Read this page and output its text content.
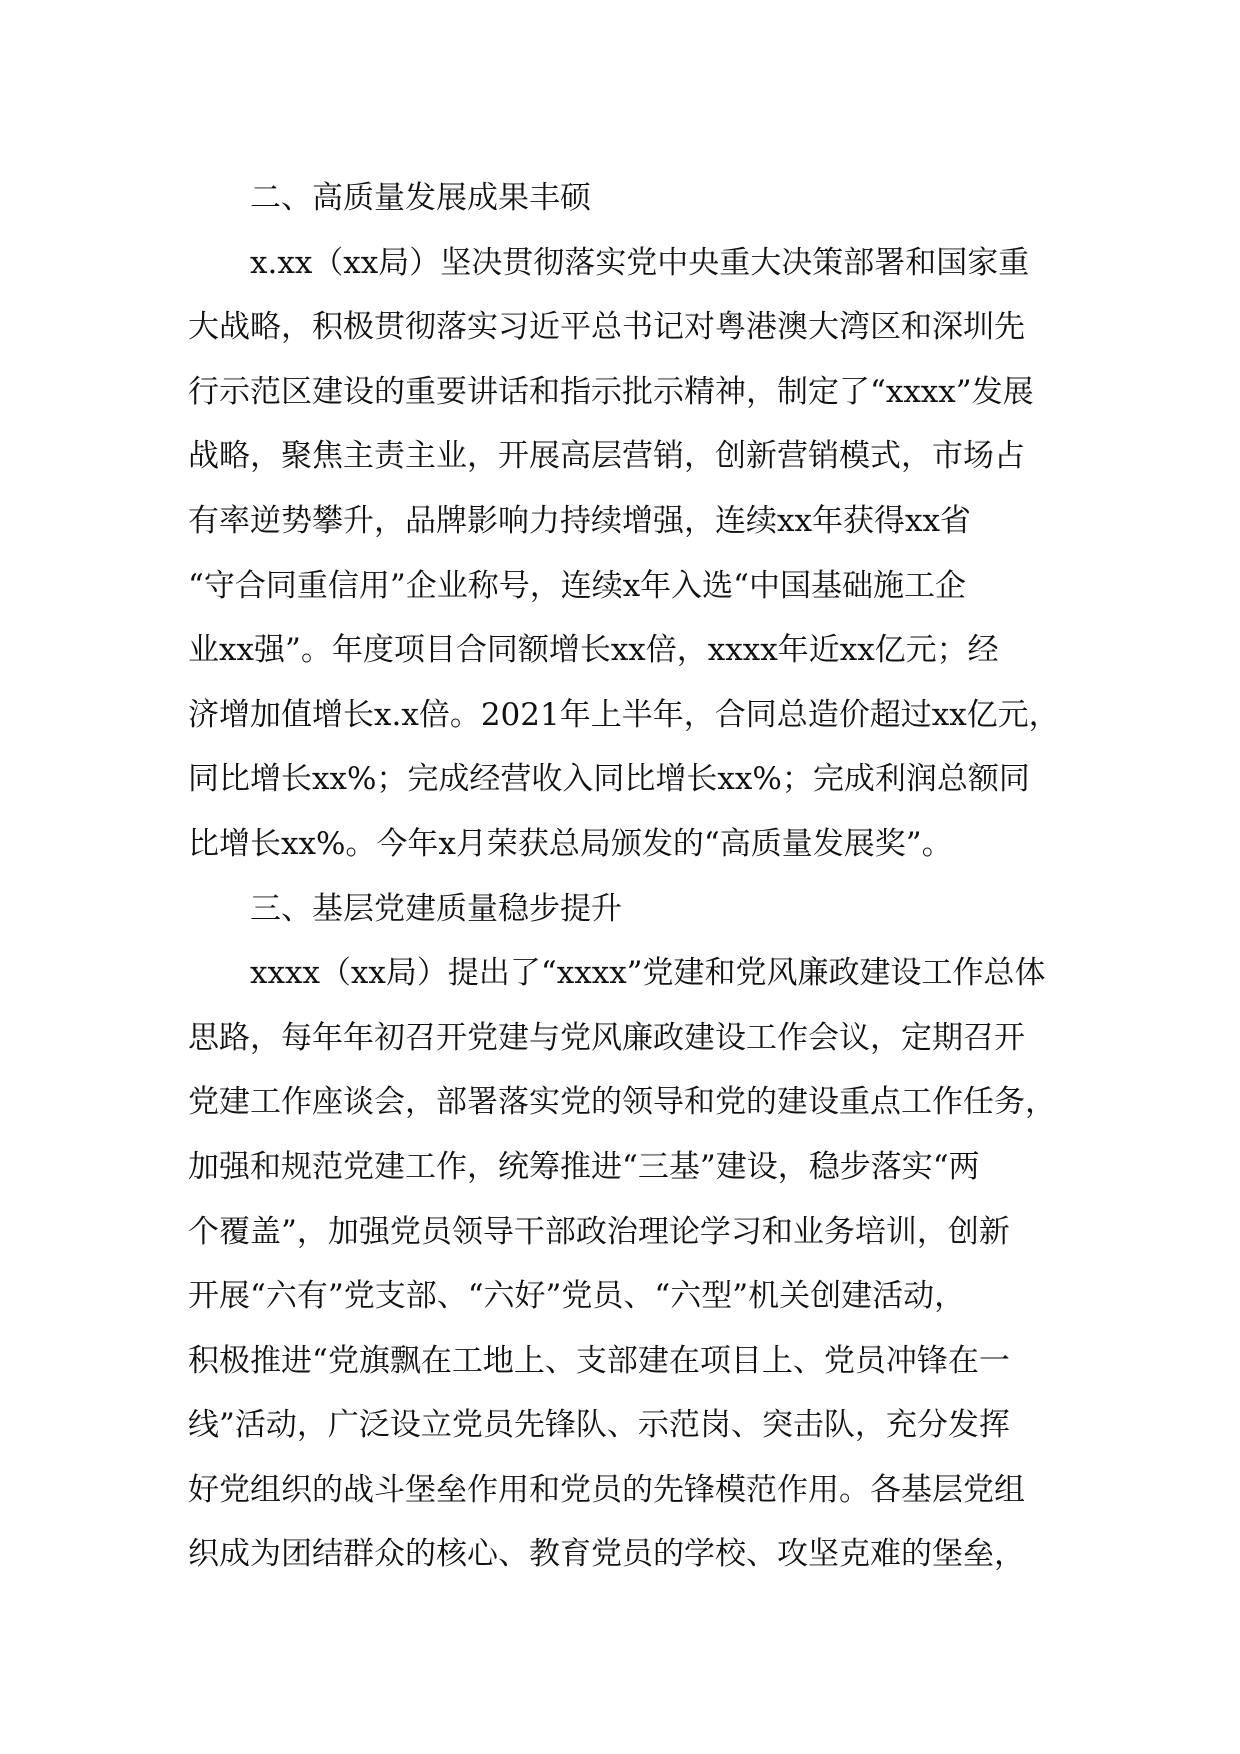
二、高质量发展成果丰硕

x.xx（xx局）坚决贯彻落实党中央重大决策部署和国家重
大战略，积极贯彻落实习近平总书记对粤港澳大湾区和深圳先
行示范区建设的重要讲话和指示批示精神，制定了“xxxx”发展
战略，聚焦主责主业，开展高层营销，创新营销模式，市场占
有率逆势攀升，品牌影响力持续增强，连续xx年获得xx省
“守合同重信用”企业称号，连续x年入选“中国基础施工企
业xx强”。年度项目合同额增长xx倍，xxxx年近xx亿元；经
济增加值增长x.x倍。2021年上半年，合同总造价超过xx亿元，
同比增长xx%；完成经营收入同比增长xx%；完成利润总额同
比增长xx%。今年x月荣获总局颁发的“高质量发展奖”。

三、基层党建质量稳步提升

xxxx（xx局）提出了“xxxx”党建和党风廉政建设工作总体
思路，每年年初召开党建与党风廉政建设工作会议，定期召开
党建工作座谈会，部署落实党的领导和党的建设重点工作任务，
加强和规范党建工作，统筹推进“三基”建设，稳步落实“两
个覆盖”，加强党员领导干部政治理论学习和业务培训，创新
开展“六有”党支部、“六好”党员、“六型”机关创建活动，
积极推进“党旗飘在工地上、支部建在项目上、党员冲锋在一
线”活动，广泛设立党员先锋队、示范岗、突击队，充分发挥
好党组织的战斗堡垒作用和党员的先锋模范作用。各基层党组
织成为团结群众的核心、教育党员的学校、攻坚克难的堡垒，
